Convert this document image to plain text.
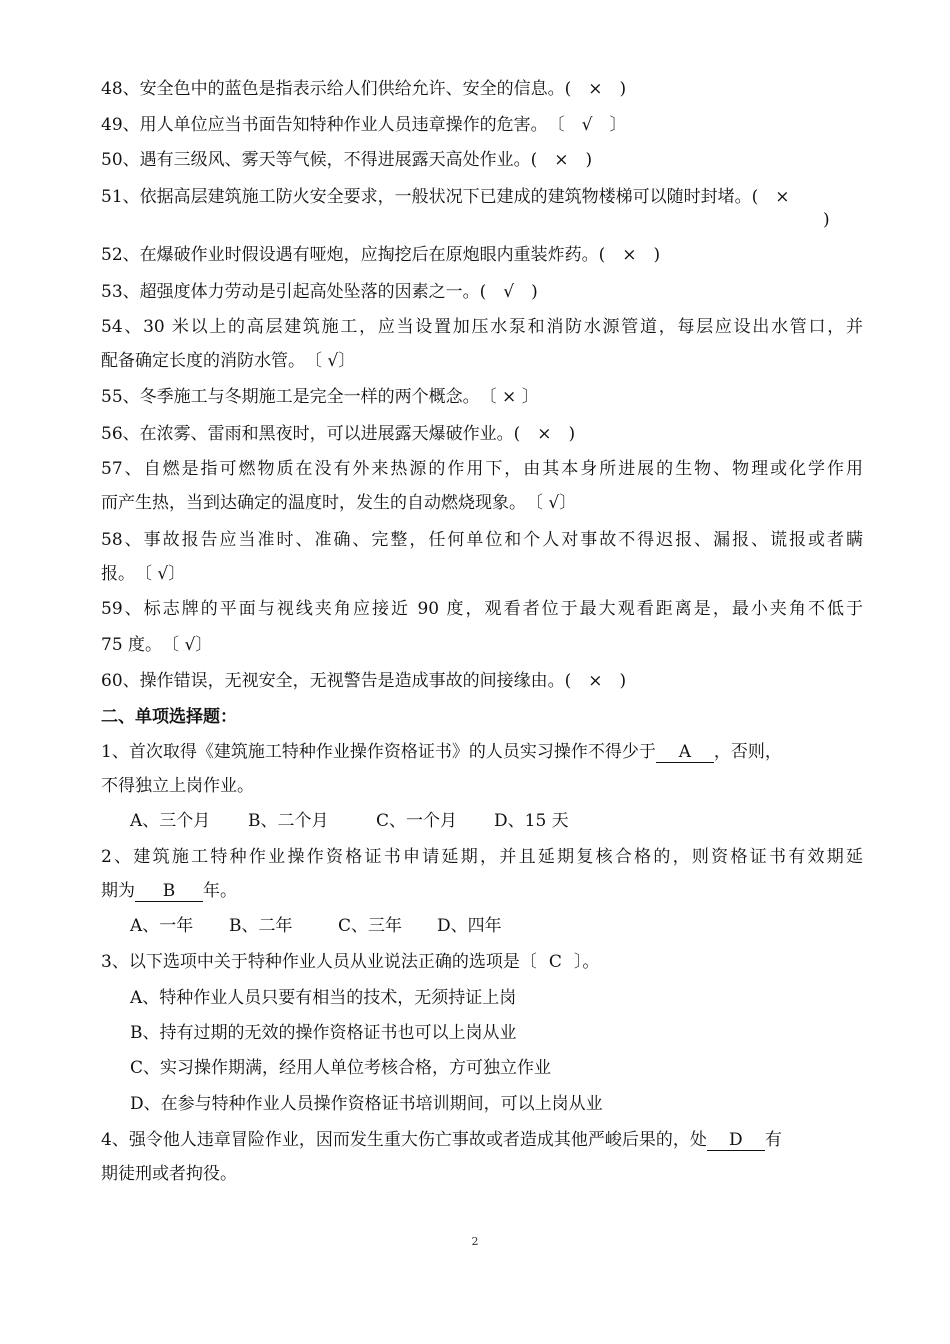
48、安全色中的蓝色是指表示给人们供给允许、安全的信息。(　×　)
49、用人单位应当书面告知特种作业人员违章操作的危害。〔　√　〕
50、遇有三级风、雾天等气候，不得进展露天高处作业。(　×　)
51、依据高层建筑施工防火安全要求，一般状况下已建成的建筑物楼梯可以随时封堵。(　×
)
52、在爆破作业时假设遇有哑炮，应掏挖后在原炮眼内重装炸药。(　×　)
53、超强度体力劳动是引起高处坠落的因素之一。(　√　)
54、30 米以上的高层建筑施工，应当设置加压水泵和消防水源管道，每层应设出水管口，并
配备确定长度的消防水管。〔 √〕
55、冬季施工与冬期施工是完全一样的两个概念。〔 × 〕
56、在浓雾、雷雨和黑夜时，可以进展露天爆破作业。(　×　)
57、自燃是指可燃物质在没有外来热源的作用下，由其本身所进展的生物、物理或化学作用
而产生热，当到达确定的温度时，发生的自动燃烧现象。〔 √〕
58、事故报告应当准时、准确、完整，任何单位和个人对事故不得迟报、漏报、谎报或者瞒
报。〔 √〕
59、标志牌的平面与视线夹角应接近 90 度，观看者位于最大观看距离是，最小夹角不低于
75 度。〔 √〕
60、操作错误，无视安全，无视警告是造成事故的间接缘由。(　×　)
二、单项选择题：
1、首次取得《建筑施工特种作业操作资格证书》的人员实习操作不得少于 A ，否则，
不得独立上岗作业。
A、三个月 B、二个月	C、一个月 D、15 天
2、建筑施工特种作业操作资格证书申请延期，并且延期复核合格的，则资格证书有效期延
期为 B 年。
A、一年 B、二年	C、三年 D、四年
3、以下选项中关于特种作业人员从业说法正确的选项是〔 C 〕。
A、特种作业人员只要有相当的技术，无须持证上岗
B、持有过期的无效的操作资格证书也可以上岗从业
C、实习操作期满，经用人单位考核合格，方可独立作业
D、在参与特种作业人员操作资格证书培训期间，可以上岗从业
4、强令他人违章冒险作业，因而发生重大伤亡事故或者造成其他严峻后果的，处 D 有
期徒刑或者拘役。
2
